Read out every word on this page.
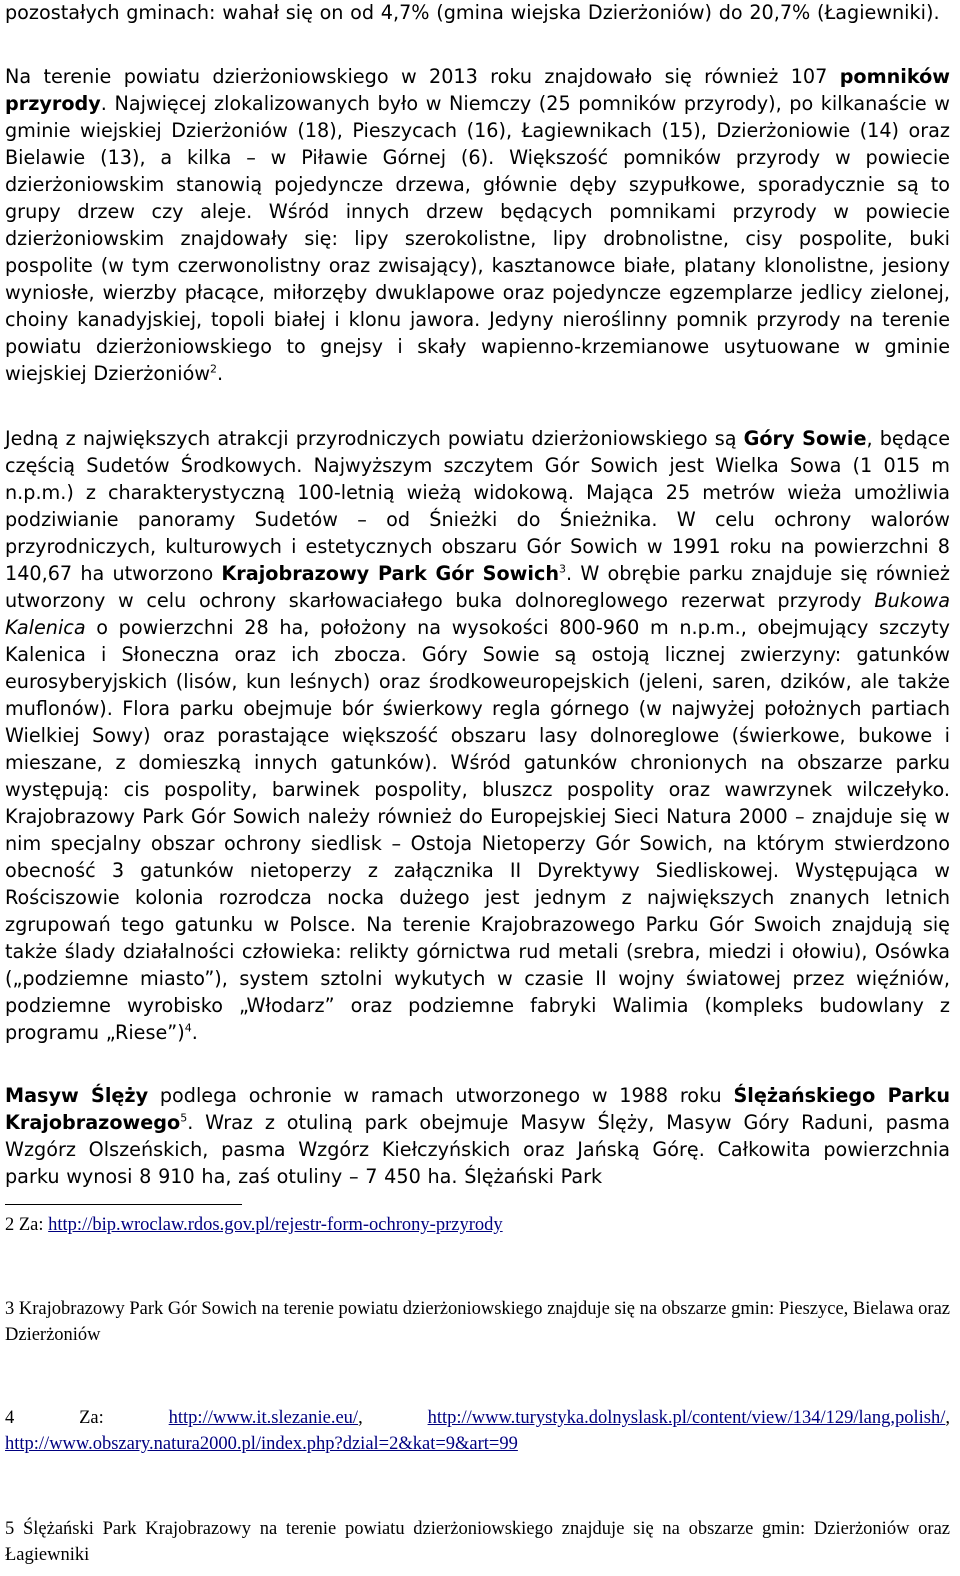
pozostałych gminach: wahał się on od 4,7% (gmina wiejska Dzierżoniów) do 20,7% (Łagiewniki).

Na terenie powiatu dzierżoniowskiego w 2013 roku znajdowało się również 107 pomników przyrody. Najwięcej zlokalizowanych było w Niemczy (25 pomników przyrody), po kilkanaście w gminie wiejskiej Dzierżoniów (18), Pieszycach (16), Łagiewnikach (15), Dzierżoniowie (14) oraz Bielawie (13), a kilka – w Piławie Górnej (6). Większość pomników przyrody w powiecie dzierżoniowskim stanowią pojedyncze drzewa, głównie dęby szypułkowe, sporadycznie są to grupy drzew czy aleje. Wśród innych drzew będących pomnikami przyrody w powiecie dzierżoniowskim znajdowały się: lipy szerokolistne, lipy drobnolistne, cisy pospolite, buki pospolite (w tym czerwonolistny oraz zwisający), kasztanowce białe, platany klonolistne, jesiony wyniosłe, wierzby płacące, miłorzęby dwuklapowe oraz pojedyncze egzemplarze jedlicy zielonej, choiny kanadyjskiej, topoli białej i klonu jawora. Jedyny nieroślinny pomnik przyrody na terenie powiatu dzierżoniowskiego to gnejsy i skały wapienno-krzemianowe usytuowane w gminie wiejskiej Dzierżoniów$^2$.

Jedną z największych atrakcji przyrodniczych powiatu dzierżoniowskiego są Góry Sowie, będące częścią Sudetów Środkowych. Najwyższym szczytem Gór Sowich jest Wielka Sowa (1 015 m n.p.m.) z charakterystyczną 100-letnią wieżą widokową. Mająca 25 metrów wieża umożliwia podziwianie panoramy Sudetów – od Śnieżki do Śnieżnika. W celu ochrony walorów przyrodniczych, kulturowych i estetycznych obszaru Gór Sowich w 1991 roku na powierzchni 8 140,67 ha utworzono Krajobrazowy Park Gór Sowich$^3$. W obrębie parku znajduje się również utworzony w celu ochrony skarłowaciałego buka dolnoreglowego rezerwat przyrody Bukowa Kalenica o powierzchni 28 ha, położony na wysokości 800-960 m n.p.m., obejmujący szczyty Kalenica i Słoneczna oraz ich zbocza. Góry Sowie są ostoją licznej zwierzyny: gatunków eurosyberyjskich (lisów, kun leśnych) oraz środkoweuropejskich (jeleni, saren, dzików, ale także muflonów). Flora parku obejmuje bór świerkowy regla górnego (w najwyżej położnych partiach Wielkiej Sowy) oraz porastające większość obszaru lasy dolnoreglowe (świerkowe, bukowe i mieszane, z domieszką innych gatunków). Wśród gatunków chronionych na obszarze parku występują: cis pospolity, barwinek pospolity, bluszcz pospolity oraz wawrzynek wilczełyko. Krajobrazowy Park Gór Sowich należy również do Europejskiej Sieci Natura 2000 – znajduje się w nim specjalny obszar ochrony siedlisk – Ostoja Nietoperzy Gór Sowich, na którym stwierdzono obecność 3 gatunków nietoperzy z załącznika II Dyrektywy Siedliskowej. Występująca w Rościszowie kolonia rozrodcza nocka dużego jest jednym z największych znanych letnich zgrupowań tego gatunku w Polsce. Na terenie Krajobrazowego Parku Gór Swoich znajdują się także ślady działalności człowieka: relikty górnictwa rud metali (srebra, miedzi i ołowiu), Osówka („podziemne miasto”), system sztolni wykutych w czasie II wojny światowej przez więźniów, podziemne wyrobisko „Włodarz” oraz podziemne fabryki Walimia (kompleks budowlany z programu „Riese”)$^4$.

Masyw Ślęży podlega ochronie w ramach utworzonego w 1988 roku Ślężańskiego Parku Krajobrazowego$^5$. Wraz z otuliną park obejmuje Masyw Ślęży, Masyw Góry Raduni, pasma Wzgórz Olszeńskich, pasma Wzgórz Kiełczyńskich oraz Jańską Górę. Całkowita powierzchnia parku wynosi 8 910 ha, zaś otuliny – 7 450 ha. Ślężański Park

2 Za: http://bip.wroclaw.rdos.gov.pl/rejestr-form-ochrony-przyrody

3 Krajobrazowy Park Gór Sowich na terenie powiatu dzierżoniowskiego znajduje się na obszarze gmin: Pieszyce, Bielawa oraz Dzierżoniów

4	Za:	http://www.it.slezanie.eu/,	http://www.turystyka.dolnyslask.pl/content/view/134/129/lang,polish/, http://www.obszary.natura2000.pl/index.php?dzial=2&kat=9&art=99

5 Ślężański Park Krajobrazowy na terenie powiatu dzierżoniowskiego znajduje się na obszarze gmin: Dzierżoniów oraz Łagiewniki
